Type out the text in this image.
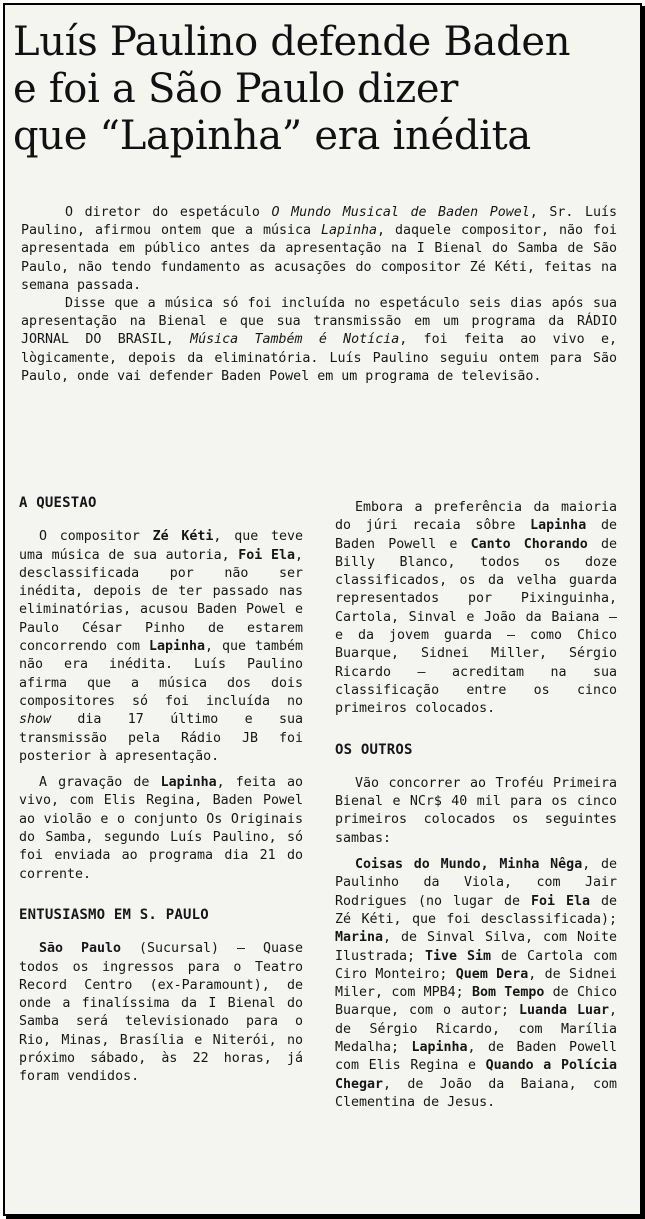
Luís Paulino defende Baden
e foi a São Paulo dizer
que “Lapinha” era inédita

O diretor do espetáculo O Mundo Musical de Baden Powel, Sr. Luís Paulino, afirmou ontem que a música Lapinha, daquele compositor, não foi apresentada em público antes da apresentação na I Bienal do Samba de São Paulo, não tendo fundamento as acusações do compositor Zé Kéti, feitas na semana passada.

Disse que a música só foi incluída no espetáculo seis dias após sua apresentação na Bienal e que sua transmissão em um programa da RÁDIO JORNAL DO BRASIL, Música Também é Notícia, foi feita ao vivo e, lògicamente, depois da eliminatória. Luís Paulino seguiu ontem para São Paulo, onde vai defender Baden Powel em um programa de televisão.

A QUESTAO

O compositor Zé Kéti, que teve uma música de sua autoria, Foi Ela, desclassificada por não ser inédita, depois de ter passado nas eliminatórias, acusou Baden Powel e Paulo César Pinho de estarem concorrendo com Lapinha, que também não era inédita. Luís Paulino afirma que a música dos dois compositores só foi incluída no show dia 17 último e sua transmissão pela Rádio JB foi posterior à apresentação.

A gravação de Lapinha, feita ao vivo, com Elis Regina, Baden Powel ao violão e o conjunto Os Originais do Samba, segundo Luís Paulino, só foi enviada ao programa dia 21 do corrente.

ENTUSIASMO EM S. PAULO

São Paulo (Sucursal) — Quase todos os ingressos para o Teatro Record Centro (ex-Paramount), de onde a finalíssima da I Bienal do Samba será televisionado para o Rio, Minas, Brasília e Niterói, no próximo sábado, às 22 horas, já foram vendidos.

Embora a preferência da maioria do júri recaia sôbre Lapinha de Baden Powell e Canto Chorando de Billy Blanco, todos os doze classificados, os da velha guarda representados por Pixinguinha, Cartola, Sinval e João da Baiana — e da jovem guarda — como Chico Buarque, Sidnei Miller, Sérgio Ricardo — acreditam na sua classificação entre os cinco primeiros colocados.

OS OUTROS

Vão concorrer ao Troféu Primeira Bienal e NCr$ 40 mil para os cinco primeiros colocados os seguintes sambas:

Coisas do Mundo, Minha Nêga, de Paulinho da Viola, com Jair Rodrigues (no lugar de Foi Ela de Zé Kéti, que foi desclassificada); Marina, de Sinval Silva, com Noite Ilustrada; Tive Sim de Cartola com Ciro Monteiro; Quem Dera, de Sidnei Miler, com MPB4; Bom Tempo de Chico Buarque, com o autor; Luanda Luar, de Sérgio Ricardo, com Marília Medalha; Lapinha, de Baden Powell com Elis Regina e Quando a Polícia Chegar, de João da Baiana, com Clementina de Jesus.
